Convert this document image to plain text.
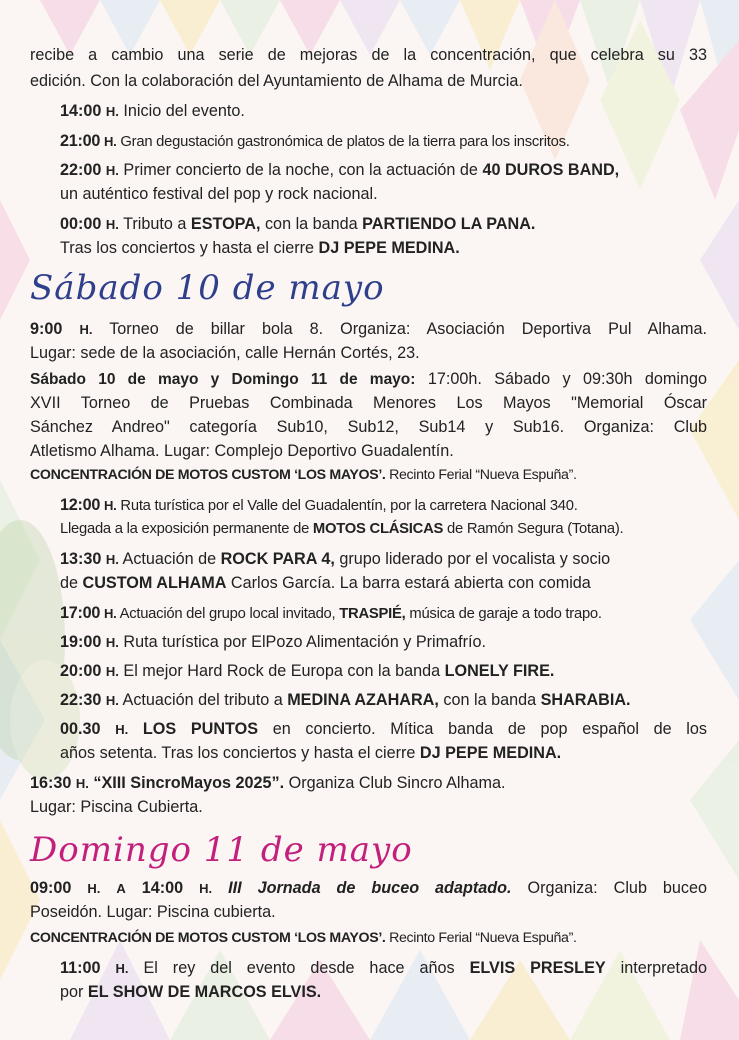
recibe a cambio una serie de mejoras de la concentración, que celebra su 33
edición. Con la colaboración del Ayuntamiento de Alhama de Murcia.
14:00 H. Inicio del evento.
21:00 H. Gran degustación gastronómica de platos de la tierra para los inscritos.
22:00 H. Primer concierto de la noche, con la actuación de 40 DUROS BAND,
un auténtico festival del pop y rock nacional.
00:00 H. Tributo a ESTOPA, con la banda PARTIENDO LA PANA.
Tras los conciertos y hasta el cierre DJ PEPE MEDINA.
Sábado 10 de mayo
9:00 H. Torneo de billar bola 8. Organiza: Asociación Deportiva Pul Alhama.
Lugar: sede de la asociación, calle Hernán Cortés, 23.
Sábado 10 de mayo y Domingo 11 de mayo: 17:00h. Sábado y 09:30h domingo
XVII Torneo de Pruebas Combinada Menores Los Mayos "Memorial Óscar
Sánchez Andreo" categoría Sub10, Sub12, Sub14 y Sub16. Organiza: Club
Atletismo Alhama. Lugar: Complejo Deportivo Guadalentín.
CONCENTRACIÓN DE MOTOS CUSTOM ‘LOS MAYOS’. Recinto Ferial “Nueva Espuña”.
12:00 H. Ruta turística por el Valle del Guadalentín, por la carretera Nacional 340.
Llegada a la exposición permanente de MOTOS CLÁSICAS de Ramón Segura (Totana).
13:30 H. Actuación de ROCK PARA 4, grupo liderado por el vocalista y socio
de CUSTOM ALHAMA Carlos García. La barra estará abierta con comida
17:00 H. Actuación del grupo local invitado, TRASPIÉ, música de garaje a todo trapo.
19:00 H. Ruta turística por ElPozo Alimentación y Primafrío.
20:00 H. El mejor Hard Rock de Europa con la banda LONELY FIRE.
22:30 H. Actuación del tributo a MEDINA AZAHARA, con la banda SHARABIA.
00.30 H. LOS PUNTOS en concierto. Mítica banda de pop español de los
años setenta. Tras los conciertos y hasta el cierre DJ PEPE MEDINA.
16:30 H. “XIII SincroMayos 2025”. Organiza Club Sincro Alhama.
Lugar: Piscina Cubierta.
Domingo 11 de mayo
09:00 H. A 14:00 H. III Jornada de buceo adaptado. Organiza: Club buceo
Poseidón. Lugar: Piscina cubierta.
CONCENTRACIÓN DE MOTOS CUSTOM ‘LOS MAYOS’. Recinto Ferial “Nueva Espuña”.
11:00 H. El rey del evento desde hace años ELVIS PRESLEY interpretado
por EL SHOW DE MARCOS ELVIS.
